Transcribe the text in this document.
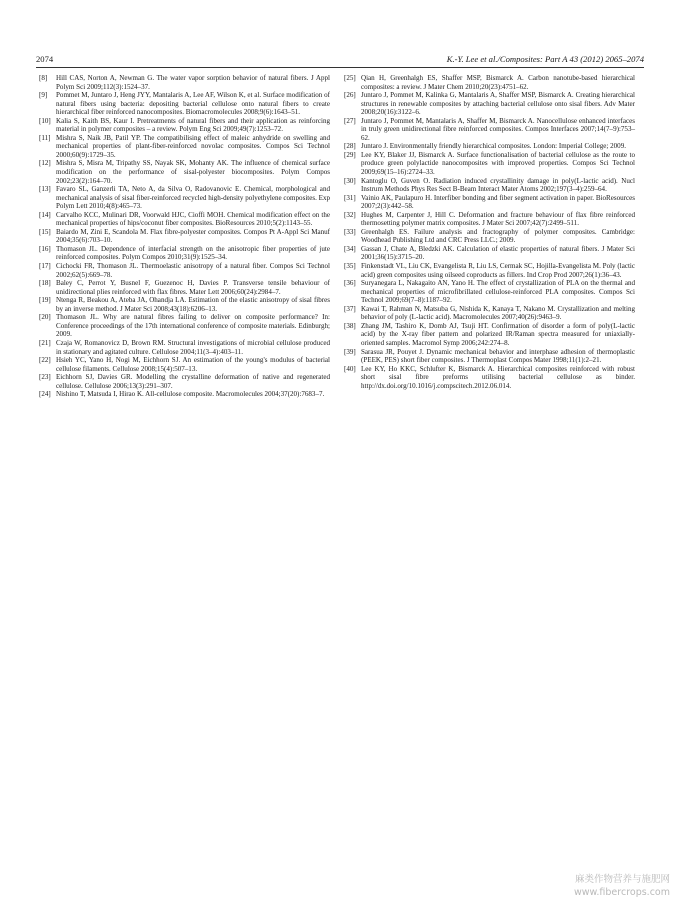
2074	K.-Y. Lee et al./Composites: Part A 43 (2012) 2065–2074
[8] Hill CAS, Norton A, Newman G. The water vapor sorption behavior of natural fibers. J Appl Polym Sci 2009;112(3):1524–37.
[9] Pommet M, Juntaro J, Heng JYY, Mantalaris A, Lee AF, Wilson K, et al. Surface modification of natural fibers using bacteria: depositing bacterial cellulose onto natural fibers to create hierarchical fiber reinforced nanocomposites. Biomacromolecules 2008;9(6):1643–51.
[10] Kalia S, Kaith BS, Kaur I. Pretreatments of natural fibers and their application as reinforcing material in polymer composites – a review. Polym Eng Sci 2009;49(7):1253–72.
[11] Mishra S, Naik JB, Patil YP. The compatibilising effect of maleic anhydride on swelling and mechanical properties of plant-fiber-reinforced novolac composites. Compos Sci Technol 2000;60(9):1729–35.
[12] Mishra S, Misra M, Tripathy SS, Nayak SK, Mohanty AK. The influence of chemical surface modification on the performance of sisal-polyester biocomposites. Polym Compos 2002;23(2):164–70.
[13] Favaro SL, Ganzerli TA, Neto A, da Silva O, Radovanovic E. Chemical, morphological and mechanical analysis of sisal fiber-reinforced recycled high-density polyethylene composites. Exp Polym Lett 2010;4(8):465–73.
[14] Carvalho KCC, Mulinari DR, Voorwald HJC, Cioffi MOH. Chemical modification effect on the mechanical properties of hips/coconut fiber composites. BioResources 2010;5(2):1143–55.
[15] Baiardo M, Zini E, Scandola M. Flax fibre-polyester composites. Compos Pt A-Appl Sci Manuf 2004;35(6):703–10.
[16] Thomason JL. Dependence of interfacial strength on the anisotropic fiber properties of jute reinforced composites. Polym Compos 2010;31(9):1525–34.
[17] Cichocki FR, Thomason JL. Thermoelastic anisotropy of a natural fiber. Compos Sci Technol 2002;62(5):669–78.
[18] Baley C, Perrot Y, Busnel F, Guezenoc H, Davies P. Transverse tensile behaviour of unidirectional plies reinforced with flax fibres. Mater Lett 2006;60(24):2984–7.
[19] Ntenga R, Beakou A, Ateba JA, Ohandja LA. Estimation of the elastic anisotropy of sisal fibres by an inverse method. J Mater Sci 2008;43(18):6206–13.
[20] Thomason JL. Why are natural fibres failing to deliver on composite performance? In: Conference proceedings of the 17th international conference of composite materials. Edinburgh; 2009.
[21] Czaja W, Romanovicz D, Brown RM. Structural investigations of microbial cellulose produced in stationary and agitated culture. Cellulose 2004;11(3–4):403–11.
[22] Hsieh YC, Yano H, Nogi M, Eichhorn SJ. An estimation of the young's modulus of bacterial cellulose filaments. Cellulose 2008;15(4):507–13.
[23] Eichhorn SJ, Davies GR. Modelling the crystalline deformation of native and regenerated cellulose. Cellulose 2006;13(3):291–307.
[24] Nishino T, Matsuda I, Hirao K. All-cellulose composite. Macromolecules 2004;37(20):7683–7.
[25] Qian H, Greenhalgh ES, Shaffer MSP, Bismarck A. Carbon nanotube-based hierarchical composites: a review. J Mater Chem 2010;20(23):4751–62.
[26] Juntaro J, Pommet M, Kalinka G, Mantalaris A, Shaffer MSP, Bismarck A. Creating hierarchical structures in renewable composites by attaching bacterial cellulose onto sisal fibers. Adv Mater 2008;20(16):3122–6.
[27] Juntaro J, Pommet M, Mantalaris A, Shaffer M, Bismarck A. Nanocellulose enhanced interfaces in truly green unidirectional fibre reinforced composites. Compos Interfaces 2007;14(7–9):753–62.
[28] Juntaro J. Environmentally friendly hierarchical composites. London: Imperial College; 2009.
[29] Lee KY, Blaker JJ, Bismarck A. Surface functionalisation of bacterial cellulose as the route to produce green polylactide nanocomposites with improved properties. Compos Sci Technol 2009;69(15–16):2724–33.
[30] Kantoglu O, Guven O. Radiation induced crystallinity damage in poly(L-lactic acid). Nucl Instrum Methods Phys Res Sect B-Beam Interact Mater Atoms 2002;197(3–4):259–64.
[31] Vainio AK, Paulapuro H. Interfiber bonding and fiber segment activation in paper. BioResources 2007;2(3):442–58.
[32] Hughes M, Carpenter J, Hill C. Deformation and fracture behaviour of flax fibre reinforced thermosetting polymer matrix composites. J Mater Sci 2007;42(7):2499–511.
[33] Greenhalgh ES. Failure analysis and fractography of polymer composites. Cambridge: Woodhead Publishing Ltd and CRC Press LLC.; 2009.
[34] Gassan J, Chate A, Bledzki AK. Calculation of elastic properties of natural fibers. J Mater Sci 2001;36(15):3715–20.
[35] Finkenstadt VL, Liu CK, Evangelista R, Liu LS, Cermak SC, Hojilla-Evangelista M. Poly (lactic acid) green composites using oilseed coproducts as fillers. Ind Crop Prod 2007;26(1):36–43.
[36] Suryanegara L, Nakagaito AN, Yano H. The effect of crystallization of PLA on the thermal and mechanical properties of microfibrillated cellulose-reinforced PLA composites. Compos Sci Technol 2009;69(7–8):1187–92.
[37] Kawai T, Rahman N, Matsuba G, Nishida K, Kanaya T, Nakano M. Crystallization and melting behavior of poly (L-lactic acid). Macromolecules 2007;40(26):9463–9.
[38] Zhang JM, Tashiro K, Domb AJ, Tsuji HT. Confirmation of disorder a form of poly(L-lactic acid) by the X-ray fiber pattern and polarized IR/Raman spectra measured for uniaxially-oriented samples. Macromol Symp 2006;242:274–8.
[39] Sarasua JR, Pouyet J. Dynamic mechanical behavior and interphase adhesion of thermoplastic (PEEK, PES) short fiber composites. J Thermoplast Compos Mater 1998;11(1):2–21.
[40] Lee KY, Ho KKC, Schlufter K, Bismarck A. Hierarchical composites reinforced with robust short sisal fibre preforms utilising bacterial cellulose as binder. http://dx.doi.org/10.1016/j.compscitech.2012.06.014.
麻类作物营养与施肥网
www.fibercrops.com
